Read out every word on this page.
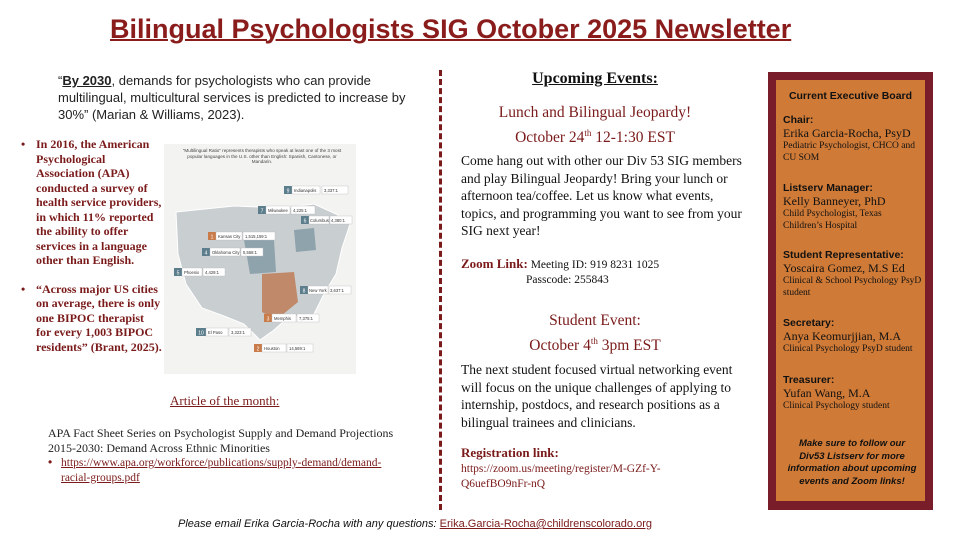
Bilingual Psychologists SIG October 2025 Newsletter
“By 2030, demands for psychologists who can provide multilingual, multicultural services is predicted to increase by 30%” (Marian & Williams, 2023).
• In 2016, the American Psychological Association (APA) conducted a survey of health service providers, in which 11% reported the ability to offer services in a language other than English.
• “Across major US cities on average, there is only one BIPOC therapist for every 1,003 BIPOC residents” (Brant, 2025).
“Multilingual Ratio” represents therapists who speak at least one of the 3 most popular languages in the U.S. other than English: Spanish, Cantonese, or Mandarin.
9 Indianapolis 3,337:1
7 Milwaukee 4,225:1
6 Columbus 4,380:1
1 Kansas City 1,515,159:1
4 Oklahoma City 5,558:1
5 Phoenix 4,429:1
8 New York 3,637:1
3 Memphis 7,375:1
10 El Paso 3,323:1
2 Houston 14,569:1
Article of the month:
APA Fact Sheet Series on Psychologist Supply and Demand Projections 2015-2030: Demand Across Ethnic Minorities
• https://www.apa.org/workforce/publications/supply-demand/demand-racial-groups.pdf
Upcoming Events:
Lunch and Bilingual Jeopardy!
October 24th 12-1:30 EST
Come hang out with other our Div 53 SIG members and play Bilingual Jeopardy! Bring your lunch or afternoon tea/coffee. Let us know what events, topics, and programming you want to see from your SIG next year!
Zoom Link: Meeting ID: 919 8231 1025
Passcode: 255843
Student Event:
October 4th 3pm EST
The next student focused virtual networking event will focus on the unique challenges of applying to internship, postdocs, and research positions as a bilingual trainees and clinicians.
Registration link:
https://zoom.us/meeting/register/M-GZf-Y-Q6uefBO9nFr-nQ
Current Executive Board
Chair:
Erika Garcia-Rocha, PsyD
Pediatric Psychologist, CHCO and CU SOM
Listserv Manager:
Kelly Banneyer, PhD
Child Psychologist, Texas Children’s Hospital
Student Representative:
Yoscaira Gomez, M.S Ed
Clinical & School Psychology PsyD student
Secretary:
Anya Keomurjjian, M.A
Clinical Psychology PsyD student
Treasurer:
Yufan Wang, M.A
Clinical Psychology student
Make sure to follow our Div53 Listserv for more information about upcoming events and Zoom links!
Please email Erika Garcia-Rocha with any questions: Erika.Garcia-Rocha@childrenscolorado.org
